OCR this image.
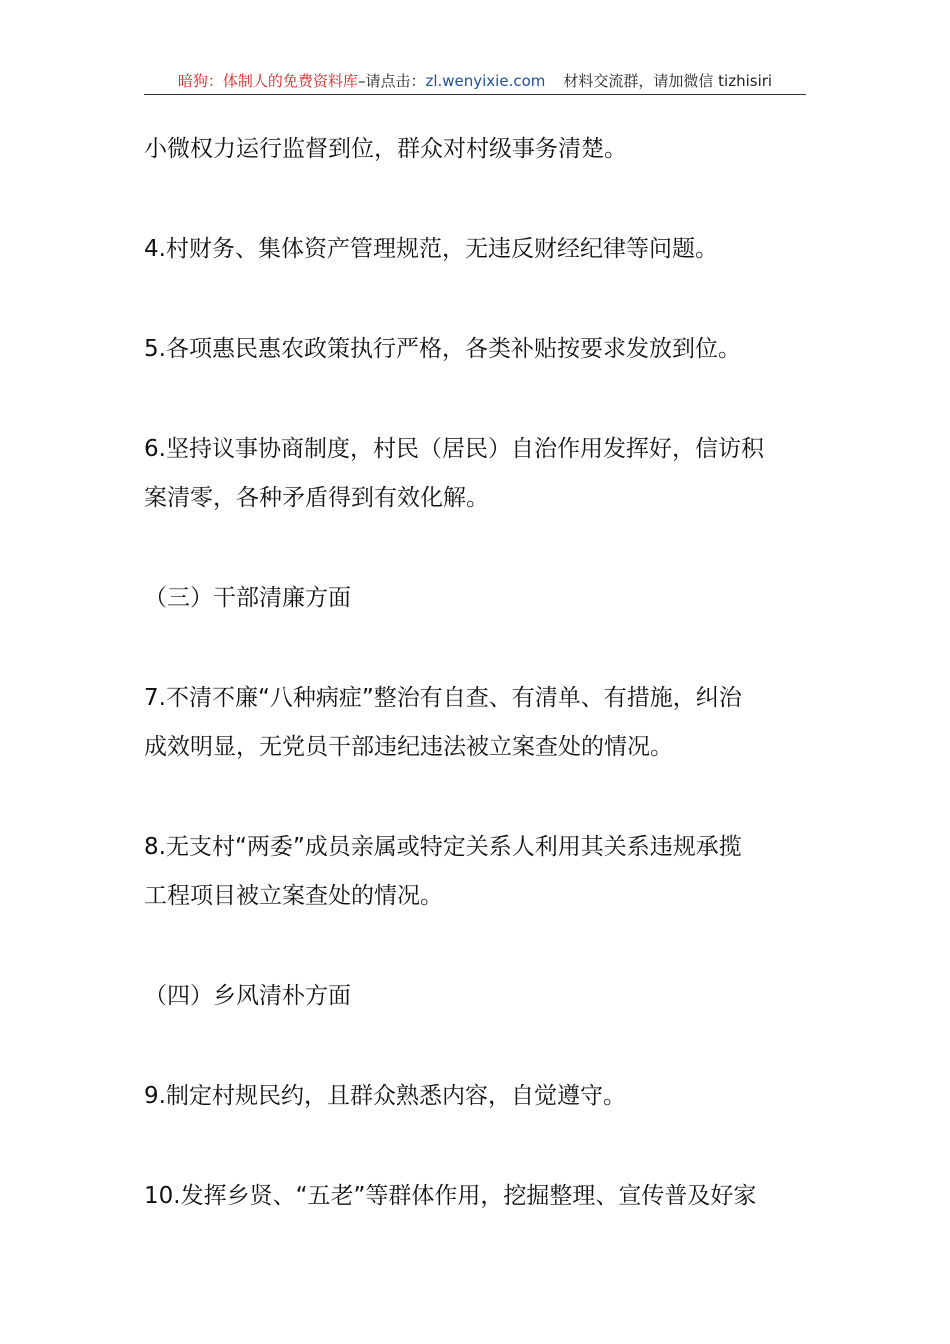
暗狗：体制人的免费资料库–请点击：zl.wenyixie.com 材料交流群，请加微信 tizhisiri
小微权力运行监督到位，群众对村级事务清楚。
4.村财务、集体资产管理规范，无违反财经纪律等问题。
5.各项惠民惠农政策执行严格，各类补贴按要求发放到位。
6.坚持议事协商制度，村民（居民）自治作用发挥好，信访积
案清零，各种矛盾得到有效化解。
（三）干部清廉方面
7.不清不廉“八种病症”整治有自查、有清单、有措施，纠治
成效明显，无党员干部违纪违法被立案查处的情况。
8.无支村“两委”成员亲属或特定关系人利用其关系违规承揽
工程项目被立案查处的情况。
（四）乡风清朴方面
9.制定村规民约，且群众熟悉内容，自觉遵守。
10.发挥乡贤、“五老”等群体作用，挖掘整理、宣传普及好家
